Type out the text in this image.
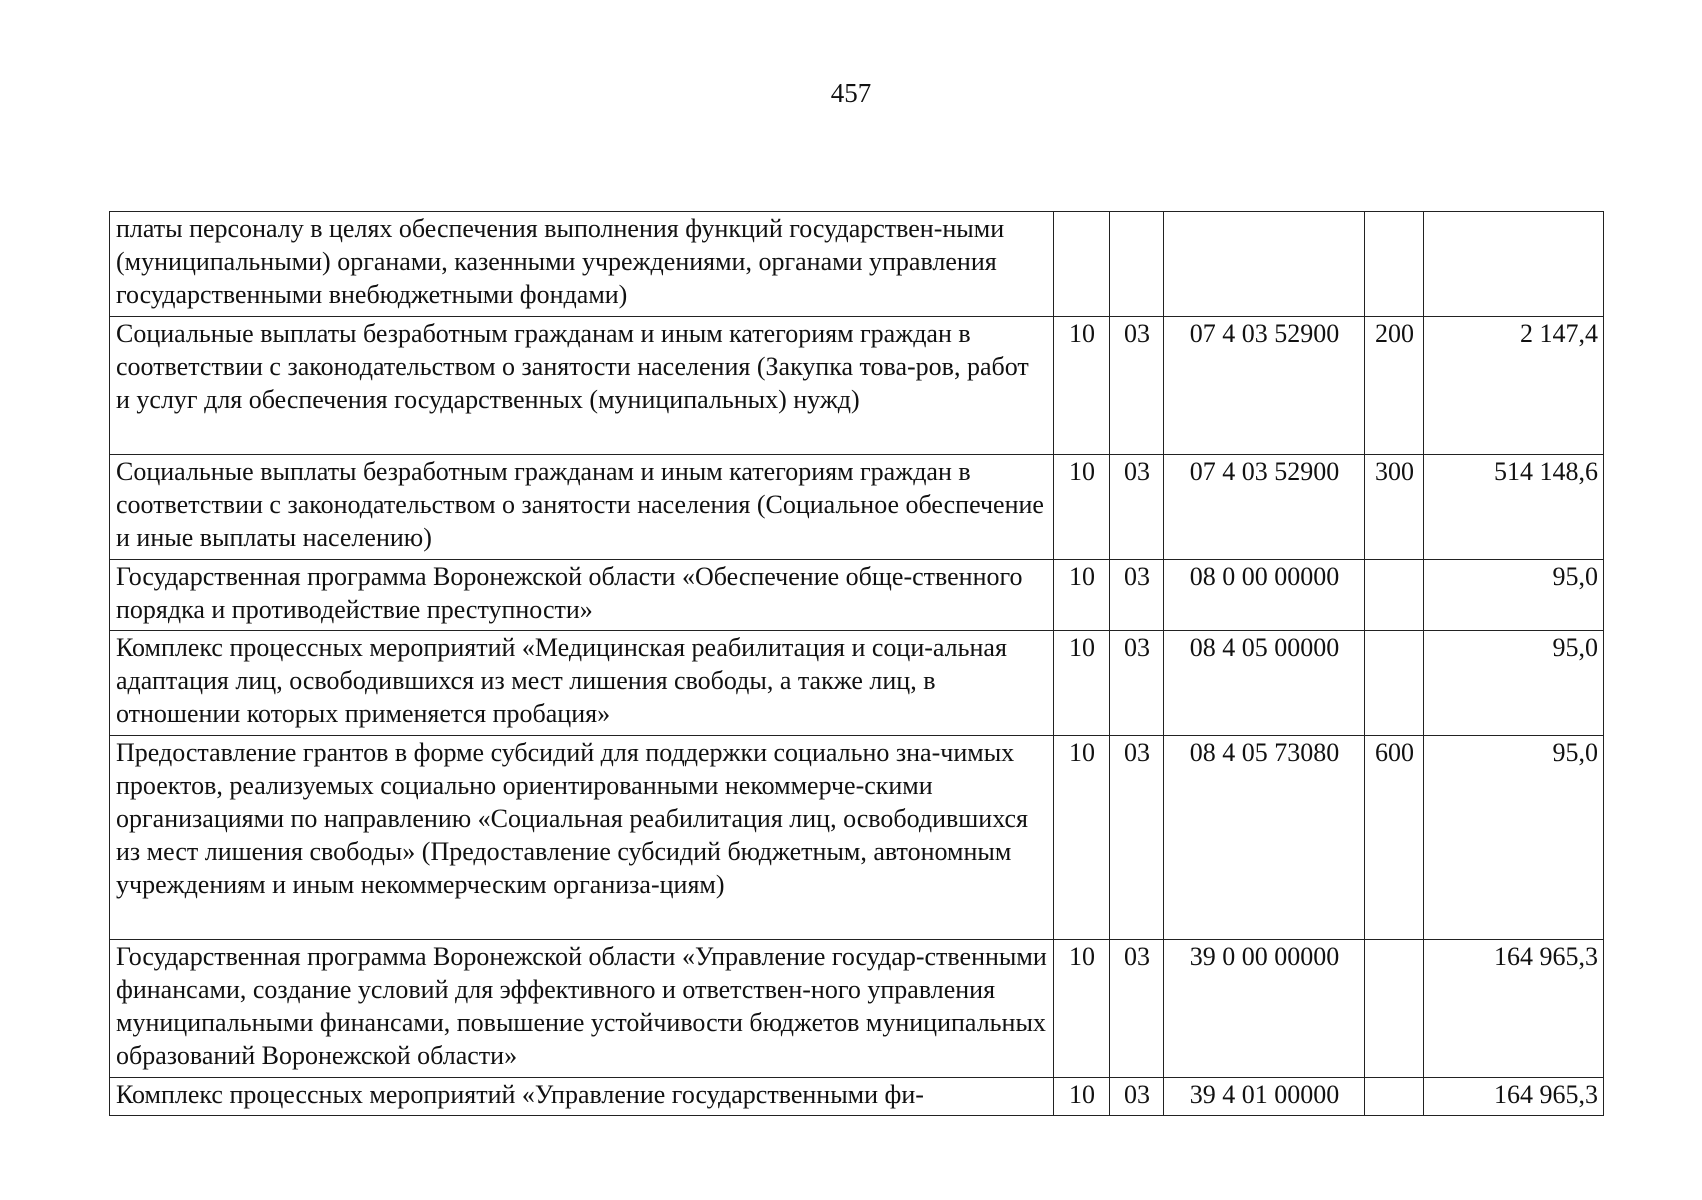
457
платы персоналу в целях обеспечения выполнения функций государствен-ными (муниципальными) органами, казенными учреждениями, органами управления государственными внебюджетными фондами)					
Социальные выплаты безработным гражданам и иным категориям граждан в соответствии с законодательством о занятости населения (Закупка това-ров, работ и услуг для обеспечения государственных (муниципальных) нужд)	10	03	07 4 03 52900	200	2 147,4
Социальные выплаты безработным гражданам и иным категориям граждан в соответствии с законодательством о занятости населения (Социальное обеспечение и иные выплаты населению)	10	03	07 4 03 52900	300	514 148,6
Государственная программа Воронежской области «Обеспечение обще-ственного порядка и противодействие преступности»	10	03	08 0 00 00000		95,0
Комплекс процессных мероприятий «Медицинская реабилитация и соци-альная адаптация лиц, освободившихся из мест лишения свободы, а также лиц, в отношении которых применяется пробация»	10	03	08 4 05 00000		95,0
Предоставление грантов в форме субсидий для поддержки социально зна-чимых проектов, реализуемых социально ориентированными некоммерче-скими организациями по направлению «Социальная реабилитация лиц, освободившихся из мест лишения свободы» (Предоставление субсидий бюджетным, автономным учреждениям и иным некоммерческим организа-циям)	10	03	08 4 05 73080	600	95,0
Государственная программа Воронежской области «Управление государ-ственными финансами, создание условий для эффективного и ответствен-ного управления муниципальными финансами, повышение устойчивости бюджетов муниципальных образований Воронежской области»	10	03	39 0 00 00000		164 965,3
Комплекс процессных мероприятий «Управление государственными фи-	10	03	39 4 01 00000		164 965,3
